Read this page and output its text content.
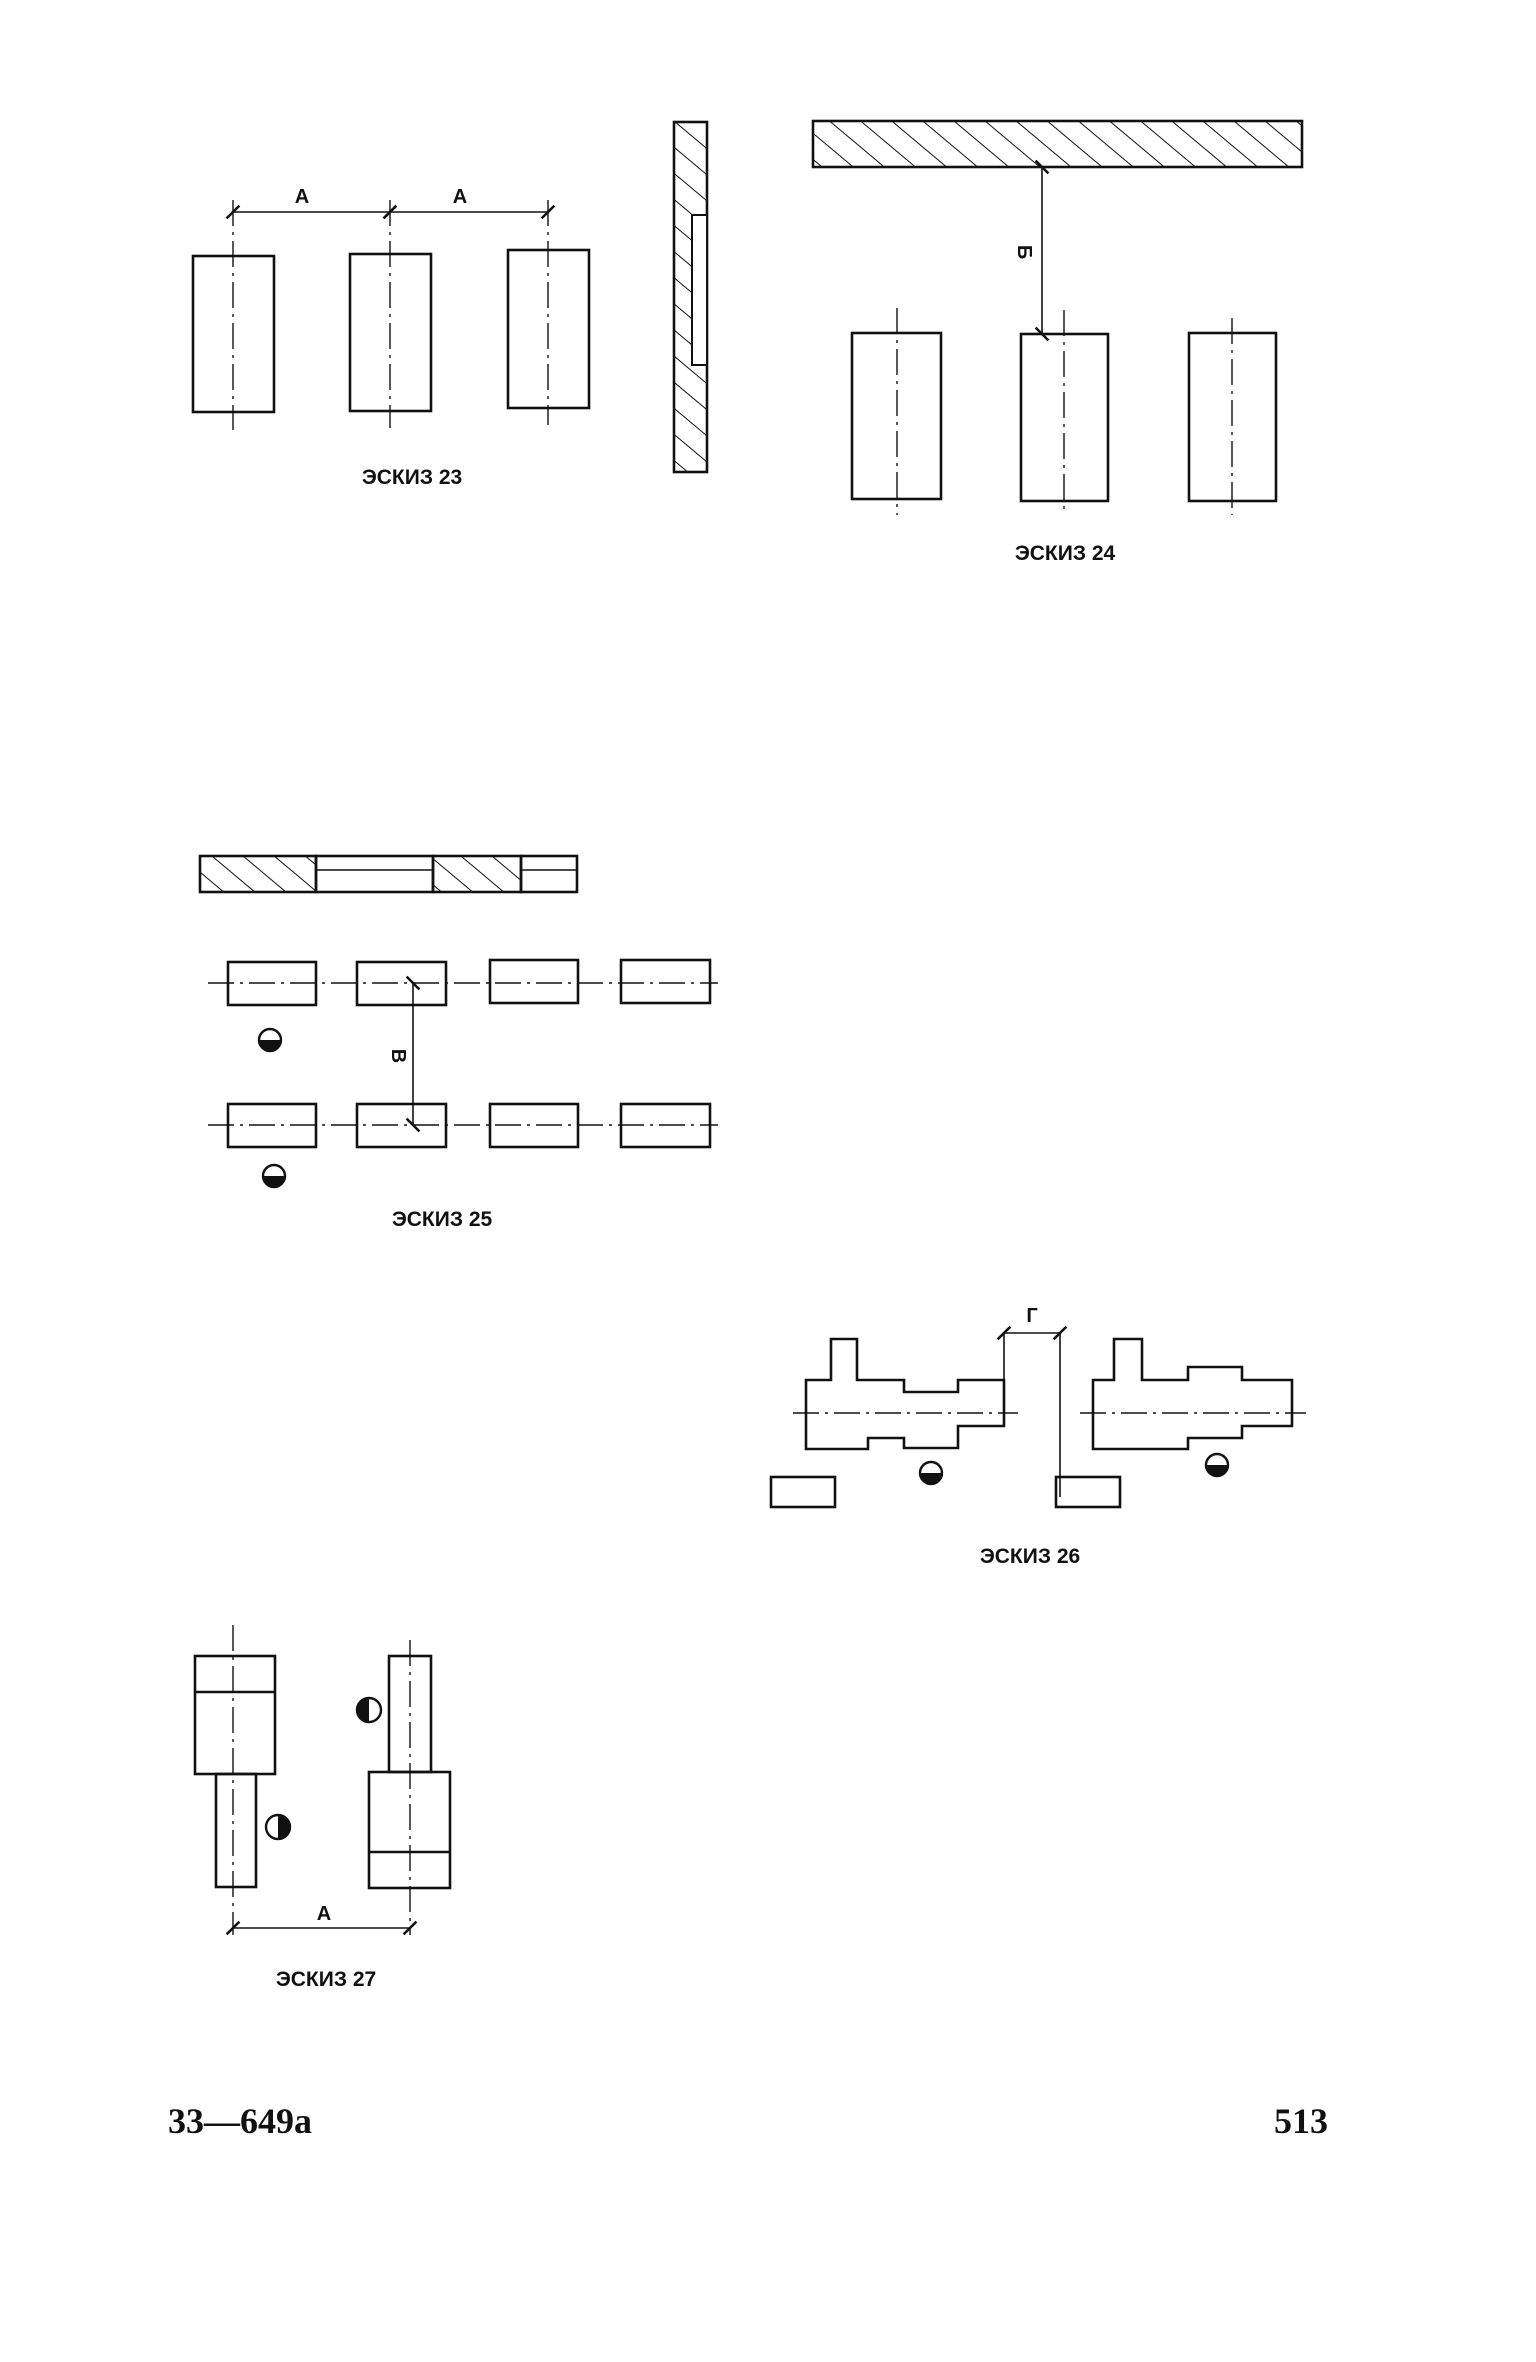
А	А
ЭСКИЗ 23
Б
ЭСКИЗ 24
В
ЭСКИЗ 25
Г
ЭСКИЗ 26
А
ЭСКИЗ 27
33—649а	513
